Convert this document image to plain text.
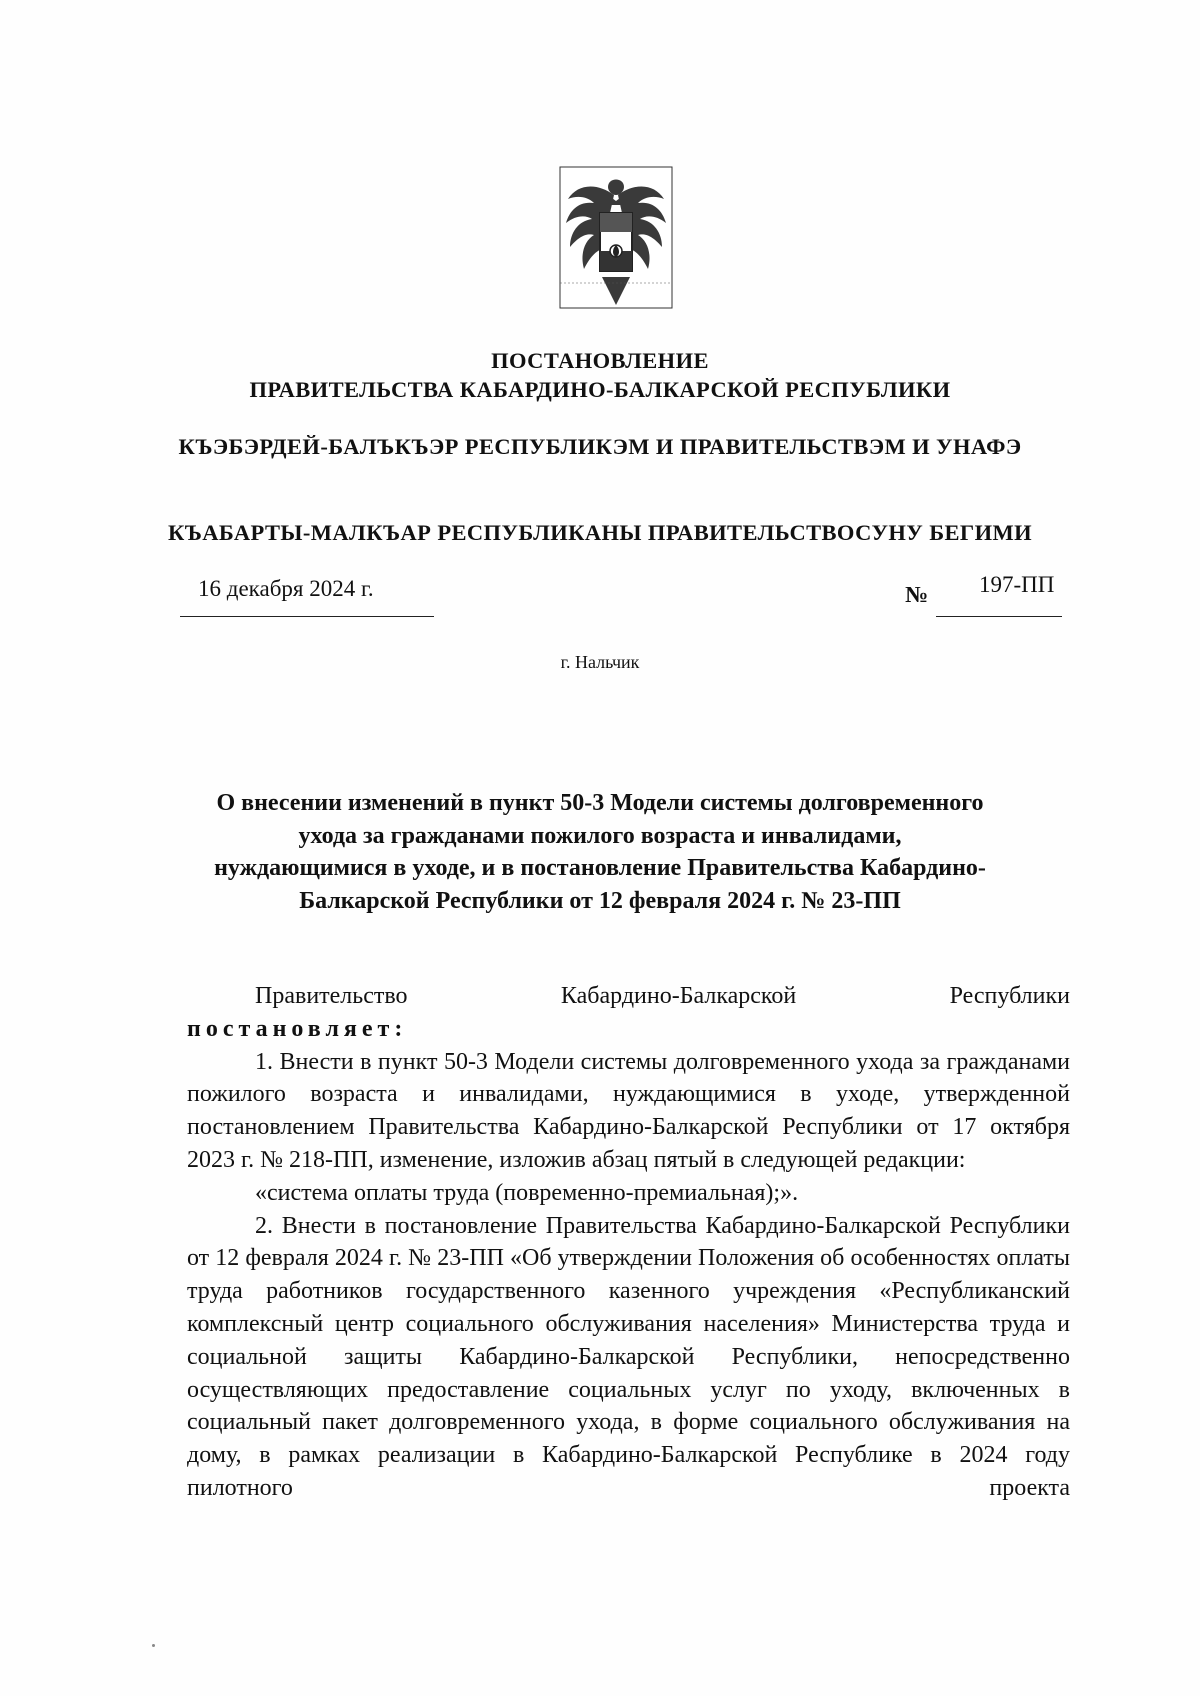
ПОСТАНОВЛЕНИЕ
ПРАВИТЕЛЬСТВА КАБАРДИНО-БАЛКАРСКОЙ РЕСПУБЛИКИ
КЪЭБЭРДЕЙ-БАЛЪКЪЭР РЕСПУБЛИКЭМ И ПРАВИТЕЛЬСТВЭМ И УНАФЭ
КЪАБАРТЫ-МАЛКЪАР РЕСПУБЛИКАНЫ ПРАВИТЕЛЬСТВОСУНУ БЕГИМИ
16 декабря 2024 г.	№ 197-ПП
г. Нальчик
О внесении изменений в пункт 50-3 Модели системы долговременного ухода за гражданами пожилого возраста и инвалидами, нуждающимися в уходе, и в постановление Правительства Кабардино-Балкарской Республики от 12 февраля 2024 г. № 23-ПП

Правительство Кабардино-Балкарской Республики

постановляет:

1. Внести в пункт 50-3 Модели системы долговременного ухода за гражданами пожилого возраста и инвалидами, нуждающимися в уходе, утвержденной постановлением Правительства Кабардино-Балкарской Республики от 17 октября 2023 г. № 218-ПП, изменение, изложив абзац пятый в следующей редакции:

«система оплаты труда (повременно-премиальная);».

2. Внести в постановление Правительства Кабардино-Балкарской Республики от 12 февраля 2024 г. № 23-ПП «Об утверждении Положения об особенностях оплаты труда работников государственного казенного учреждения «Республиканский комплексный центр социального обслуживания населения» Министерства труда и социальной защиты Кабардино-Балкарской Республики, непосредственно осуществляющих предоставление социальных услуг по уходу, включенных в социальный пакет долговременного ухода, в форме социального обслуживания на дому, в рамках реализации в Кабардино-Балкарской Республике в 2024 году пилотного проекта
